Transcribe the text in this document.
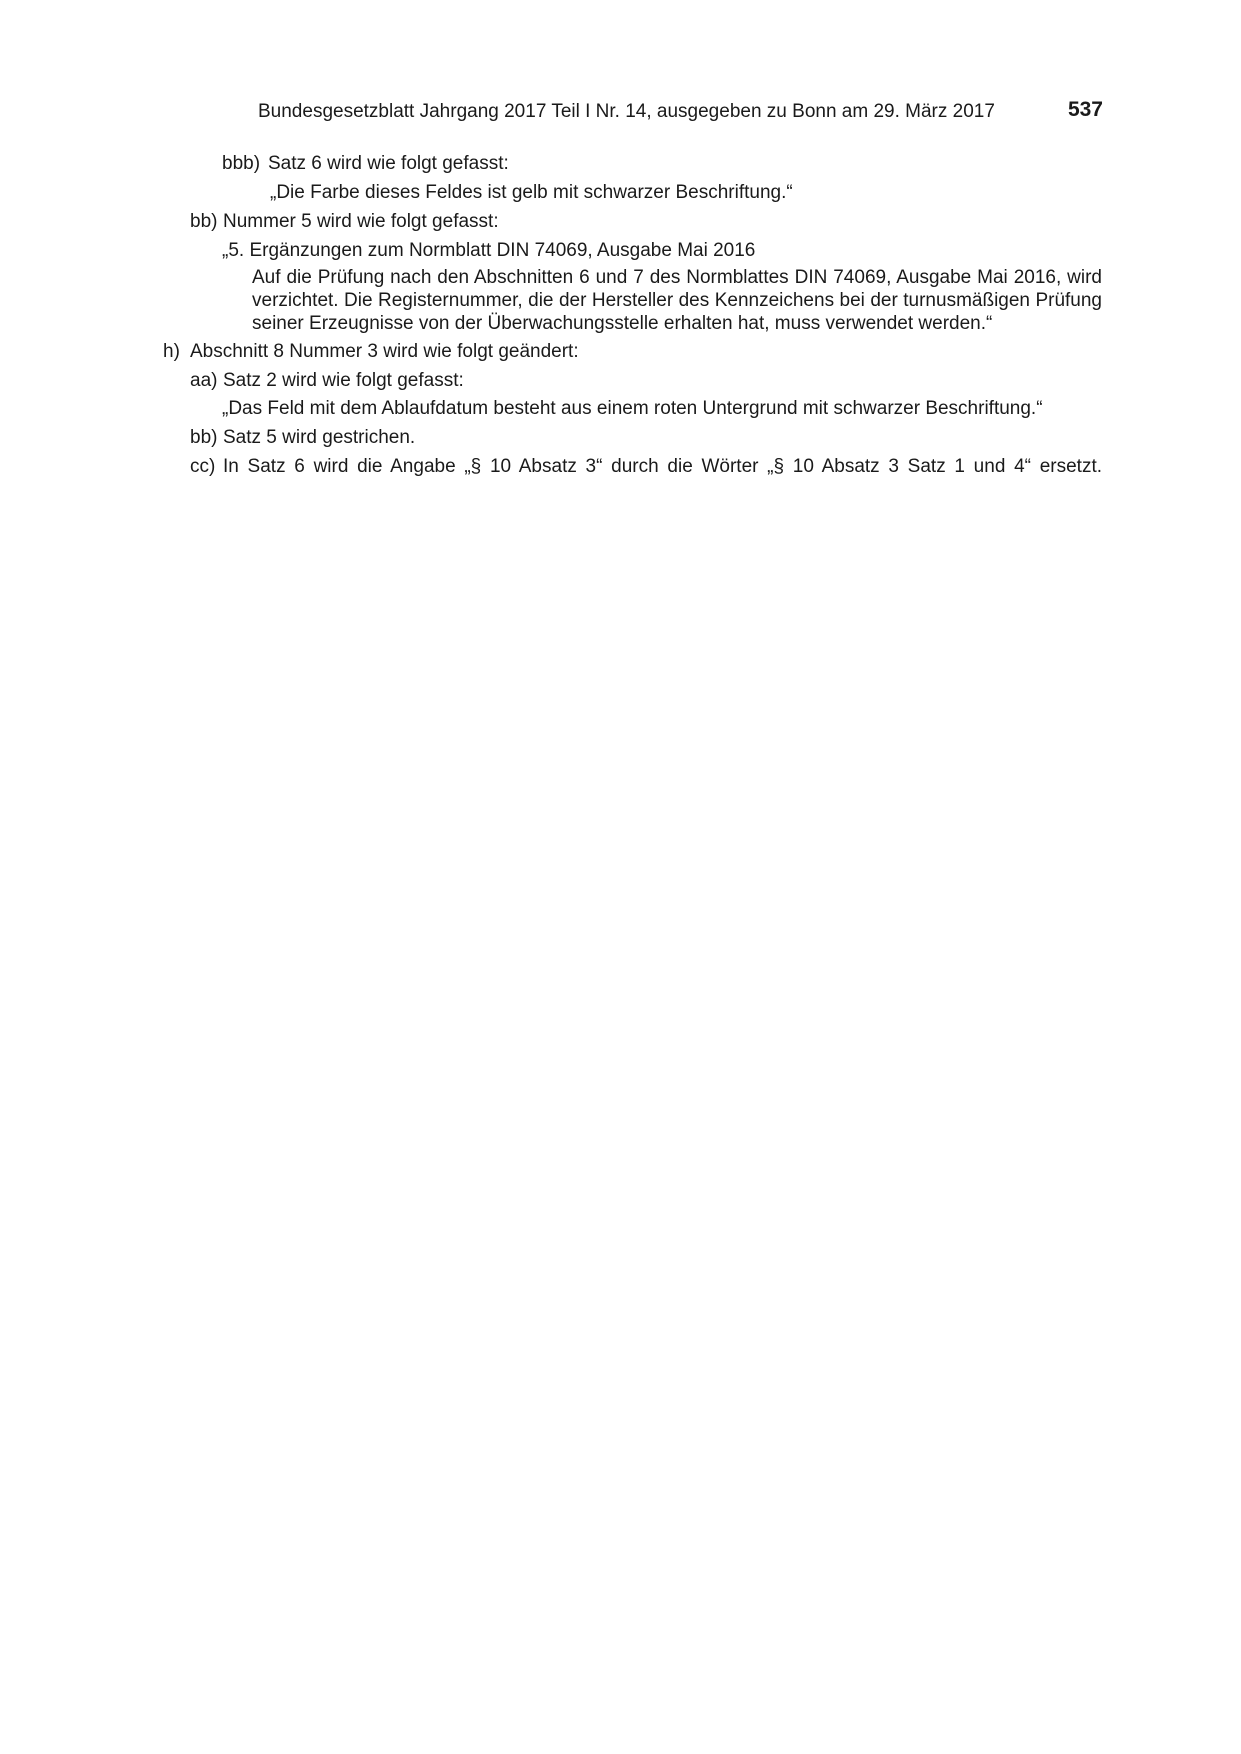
Bundesgesetzblatt Jahrgang 2017 Teil I Nr. 14, ausgegeben zu Bonn am 29. März 2017	537
bbb) Satz 6 wird wie folgt gefasst:
„Die Farbe dieses Feldes ist gelb mit schwarzer Beschriftung.“
bb) Nummer 5 wird wie folgt gefasst:
„5. Ergänzungen zum Normblatt DIN 74069, Ausgabe Mai 2016
Auf die Prüfung nach den Abschnitten 6 und 7 des Normblattes DIN 74069, Ausgabe Mai 2016, wird verzichtet. Die Registernummer, die der Hersteller des Kennzeichens bei der turnusmäßigen Prüfung seiner Erzeugnisse von der Überwachungsstelle erhalten hat, muss verwendet werden.“
h) Abschnitt 8 Nummer 3 wird wie folgt geändert:
aa) Satz 2 wird wie folgt gefasst:
„Das Feld mit dem Ablaufdatum besteht aus einem roten Untergrund mit schwarzer Beschriftung.“
bb) Satz 5 wird gestrichen.
cc) In Satz 6 wird die Angabe „§ 10 Absatz 3“ durch die Wörter „§ 10 Absatz 3 Satz 1 und 4“ ersetzt.
